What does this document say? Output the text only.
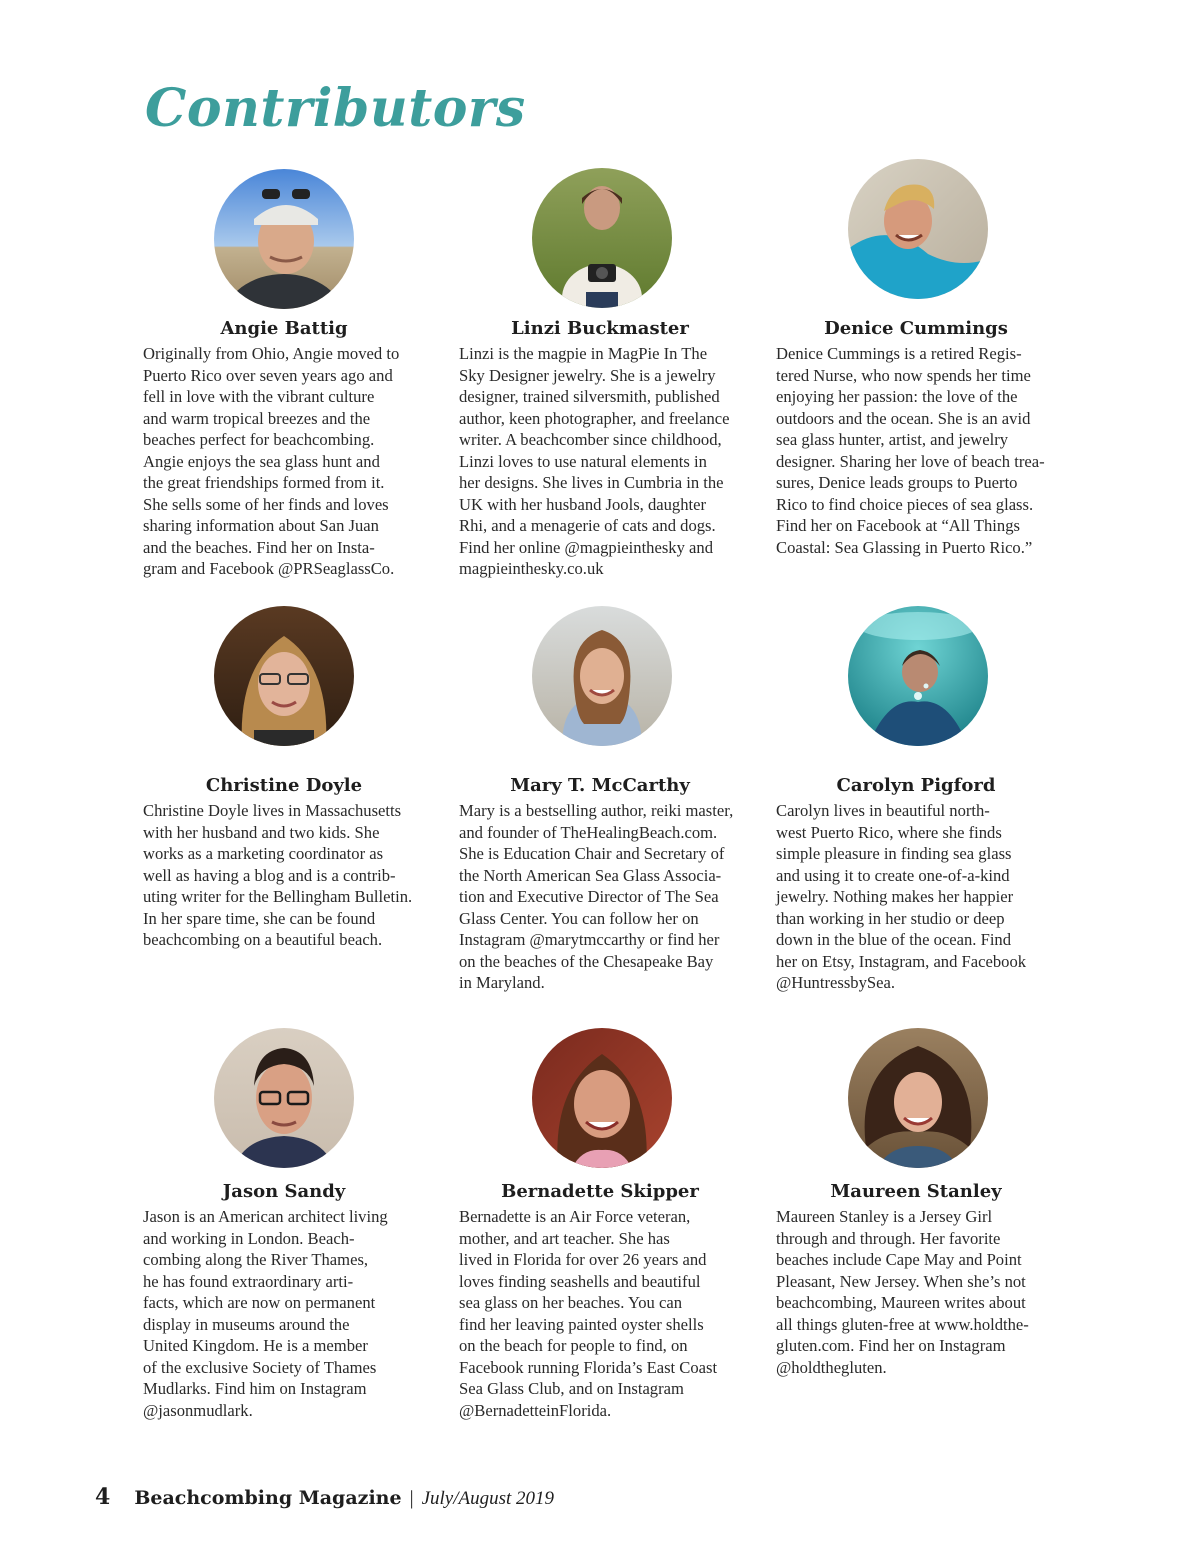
Contributors
Angie Battig

Originally from Ohio, Angie moved to
Puerto Rico over seven years ago and
fell in love with the vibrant culture
and warm tropical breezes and the
beaches perfect for beachcombing.
Angie enjoys the sea glass hunt and
the great friendships formed from it.
She sells some of her finds and loves
sharing information about San Juan
and the beaches. Find her on Insta-
gram and Facebook @PRSeaglassCo.

Linzi Buckmaster

Linzi is the magpie in MagPie In The
Sky Designer jewelry. She is a jewelry
designer, trained silversmith, published
author, keen photographer, and freelance
writer. A beachcomber since childhood,
Linzi loves to use natural elements in
her designs. She lives in Cumbria in the
UK with her husband Jools, daughter
Rhi, and a menagerie of cats and dogs.
Find her online @magpieinthesky and
magpieinthesky.co.uk

Denice Cummings

Denice Cummings is a retired Regis-
tered Nurse, who now spends her time
enjoying her passion: the love of the
outdoors and the ocean. She is an avid
sea glass hunter, artist, and jewelry
designer. Sharing her love of beach trea-
sures, Denice leads groups to Puerto
Rico to find choice pieces of sea glass.
Find her on Facebook at “All Things
Coastal: Sea Glassing in Puerto Rico.”

Christine Doyle

Christine Doyle lives in Massachusetts
with her husband and two kids. She
works as a marketing coordinator as
well as having a blog and is a contrib-
uting writer for the Bellingham Bulletin.
In her spare time, she can be found
beachcombing on a beautiful beach.

Mary T. McCarthy

Mary is a bestselling author, reiki master,
and founder of TheHealingBeach.com.
She is Education Chair and Secretary of
the North American Sea Glass Associa-
tion and Executive Director of The Sea
Glass Center. You can follow her on
Instagram @marytmccarthy or find her
on the beaches of the Chesapeake Bay
in Maryland.

Carolyn Pigford

Carolyn lives in beautiful north-
west Puerto Rico, where she finds
simple pleasure in finding sea glass
and using it to create one-of-a-kind
jewelry. Nothing makes her happier
than working in her studio or deep
down in the blue of the ocean. Find
her on Etsy, Instagram, and Facebook
@HuntressbySea.

Jason Sandy

Jason is an American architect living
and working in London. Beach-
combing along the River Thames,
he has found extraordinary arti-
facts, which are now on permanent
display in museums around the
United Kingdom. He is a member
of the exclusive Society of Thames
Mudlarks. Find him on Instagram
@jasonmudlark.

Bernadette Skipper

Bernadette is an Air Force veteran,
mother, and art teacher. She has
lived in Florida for over 26 years and
loves finding seashells and beautiful
sea glass on her beaches. You can
find her leaving painted oyster shells
on the beach for people to find, on
Facebook running Florida’s East Coast
Sea Glass Club, and on Instagram
@BernadetteinFlorida.

Maureen Stanley

Maureen Stanley is a Jersey Girl
through and through. Her favorite
beaches include Cape May and Point
Pleasant, New Jersey. When she’s not
beachcombing, Maureen writes about
all things gluten-free at www.holdthe-
gluten.com. Find her on Instagram
@holdthegluten.

4 Beachcombing Magazine | July/August 2019
